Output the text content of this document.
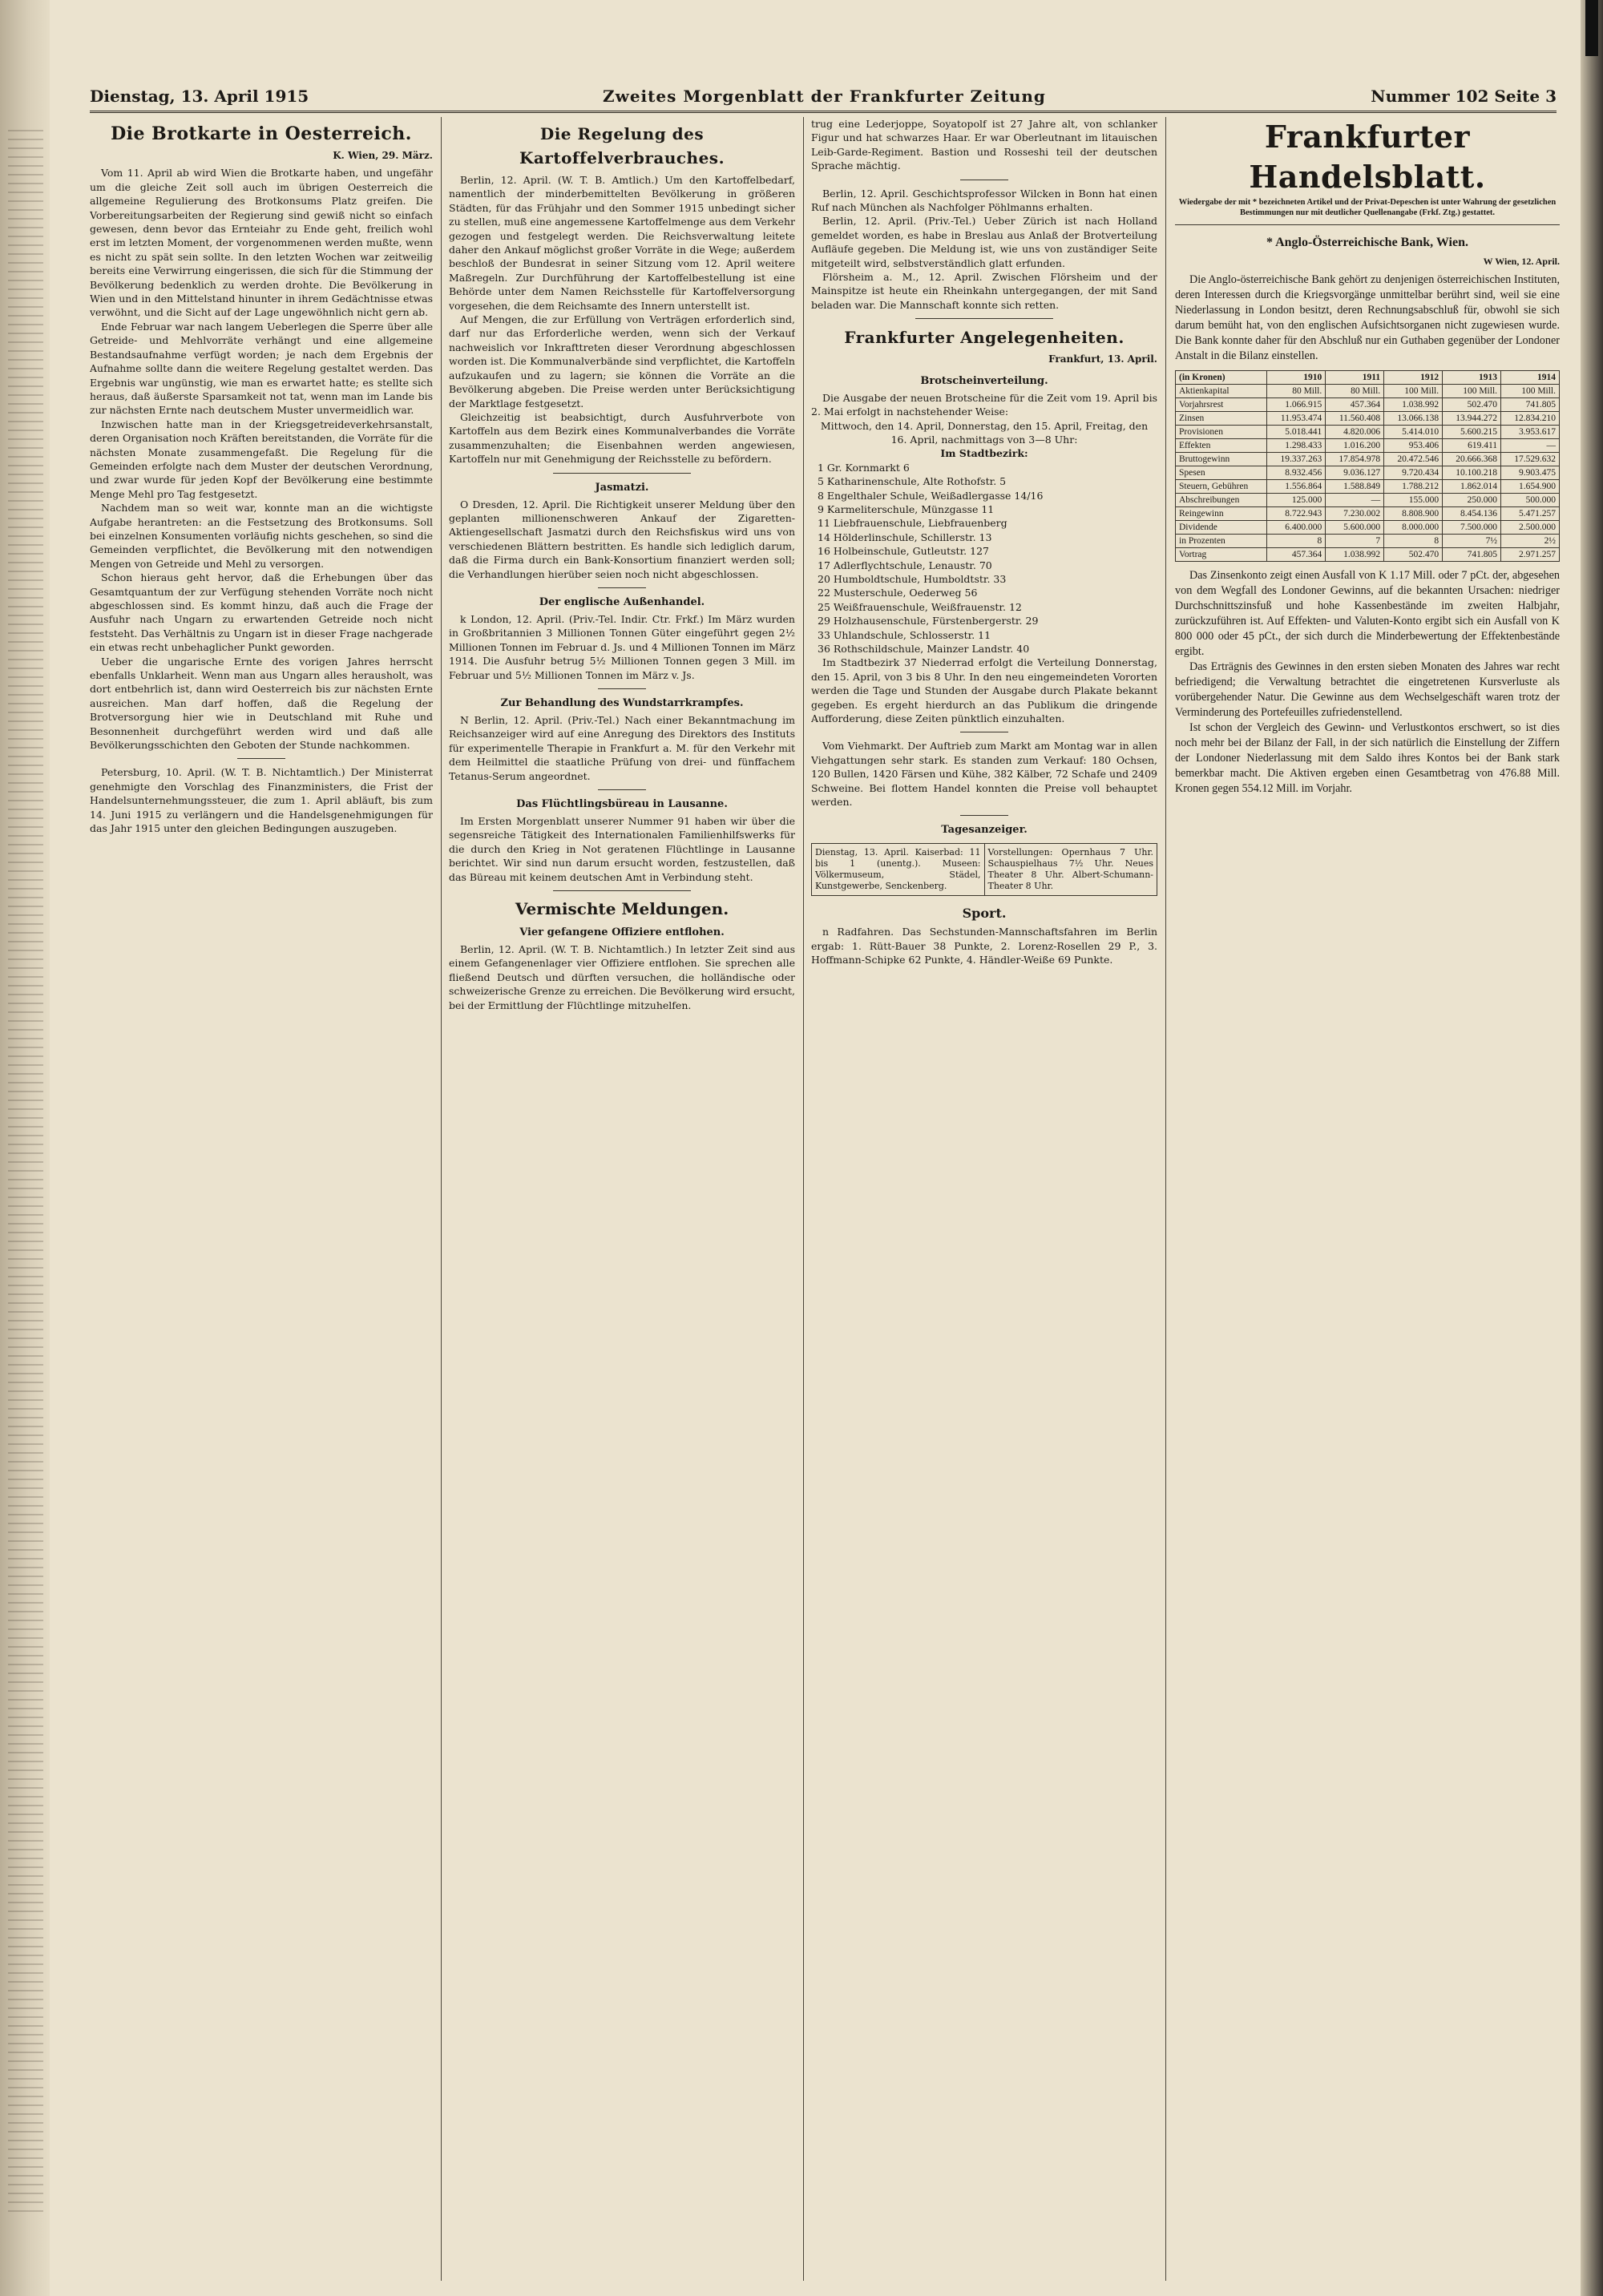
Dienstag, 13. April 1915	Zweites Morgenblatt der Frankfurter Zeitung	Nummer 102 Seite 3
Die Brotkarte in Oesterreich.
K. Wien, 29. März.

Vom 11. April ab wird Wien die Brotkarte haben, und ungefähr um die gleiche Zeit soll auch im übrigen Oesterreich die allgemeine Regulierung des Brotkonsums Platz greifen. Die Vorbereitungsarbeiten der Regierung sind gewiß nicht so einfach gewesen, denn bevor das Ernteiahr zu Ende geht, freilich wohl erst im letzten Moment, der vorgenommenen werden mußte, wenn es nicht zu spät sein sollte. In den letzten Wochen war zeitweilig bereits eine Verwirrung eingerissen, die sich für die Stimmung der Bevölkerung bedenklich zu werden drohte. Die Bevölkerung in Wien und in den Mittelstand hinunter in ihrem Gedächtnisse etwas verwöhnt, und die Sicht auf der Lage ungewöhnlich nicht gern ab.

Ende Februar war nach langem Ueberlegen die Sperre über alle Getreide- und Mehlvorräte verhängt und eine allgemeine Bestandsaufnahme verfügt worden; je nach dem Ergebnis der Aufnahme sollte dann die weitere Regelung gestaltet werden. Das Ergebnis war ungünstig, wie man es erwartet hatte; es stellte sich heraus, daß äußerste Sparsamkeit not tat, wenn man im Lande bis zur nächsten Ernte nach deutschem Muster unvermeidlich war.

Inzwischen hatte man in der Kriegsgetreideverkehrsanstalt, deren Organisation noch Kräften bereitstanden, die Vorräte für die nächsten Monate zusammengefaßt. Die Regelung für die Gemeinden erfolgte nach dem Muster der deutschen Verordnung, und zwar wurde für jeden Kopf der Bevölkerung eine bestimmte Menge Mehl pro Tag festgesetzt.

Nachdem man so weit war, konnte man an die wichtigste Aufgabe herantreten: an die Festsetzung des Brotkonsums. Soll bei einzelnen Konsumenten vorläufig nichts geschehen, so sind die Gemeinden verpflichtet, die Bevölkerung mit den notwendigen Mengen von Getreide und Mehl zu versorgen.

Schon hieraus geht hervor, daß die Erhebungen über das Gesamtquantum der zur Verfügung stehenden Vorräte noch nicht abgeschlossen sind. Es kommt hinzu, daß auch die Frage der Ausfuhr nach Ungarn zu erwartenden Getreide noch nicht feststeht. Das Verhältnis zu Ungarn ist in dieser Frage nachgerade ein etwas recht unbehaglicher Punkt geworden.

Ueber die ungarische Ernte des vorigen Jahres herrscht ebenfalls Unklarheit. Wenn man aus Ungarn alles herausholt, was dort entbehrlich ist, dann wird Oesterreich bis zur nächsten Ernte ausreichen. Man darf hoffen, daß die Regelung der Brotversorgung hier wie in Deutschland mit Ruhe und Besonnenheit durchgeführt werden wird und daß alle Bevölkerungsschichten den Geboten der Stunde nachkommen.

Petersburg, 10. April. (W. T. B. Nichtamtlich.) Der Ministerrat genehmigte den Vorschlag des Finanzministers, die Frist der Handelsunternehmungssteuer, die zum 1. April abläuft, bis zum 14. Juni 1915 zu verlängern und die Handelsgenehmigungen für das Jahr 1915 unter den gleichen Bedingungen auszugeben.

Die Regelung des Kartoffelverbrauches.

Berlin, 12. April. (W. T. B. Amtlich.) Um den Kartoffelbedarf, namentlich der minderbemittelten Bevölkerung in größeren Städten, für das Frühjahr und den Sommer 1915 unbedingt sicher zu stellen, muß eine angemessene Kartoffelmenge aus dem Verkehr gezogen und festgelegt werden. Die Reichsverwaltung leitete daher den Ankauf möglichst großer Vorräte in die Wege; außerdem beschloß der Bundesrat in seiner Sitzung vom 12. April weitere Maßregeln. Zur Durchführung der Kartoffelbestellung ist eine Behörde unter dem Namen Reichsstelle für Kartoffelversorgung vorgesehen, die dem Reichsamte des Innern unterstellt ist.

Auf Mengen, die zur Erfüllung von Verträgen erforderlich sind, darf nur das Erforderliche werden, wenn sich der Verkauf nachweislich vor Inkrafttreten dieser Verordnung abgeschlossen worden ist. Die Kommunalverbände sind verpflichtet, die Kartoffeln aufzukaufen und zu lagern; sie können die Vorräte an die Bevölkerung abgeben. Die Preise werden unter Berücksichtigung der Marktlage festgesetzt.

Gleichzeitig ist beabsichtigt, durch Ausfuhrverbote von Kartoffeln aus dem Bezirk eines Kommunalverbandes die Vorräte zusammenzuhalten; die Eisenbahnen werden angewiesen, Kartoffeln nur mit Genehmigung der Reichsstelle zu befördern.

Jasmatzi.

O Dresden, 12. April. Die Richtigkeit unserer Meldung über den geplanten millionenschweren Ankauf der Zigaretten-Aktiengesellschaft Jasmatzi durch den Reichsfiskus wird uns von verschiedenen Blättern bestritten. Es handle sich lediglich darum, daß die Firma durch ein Bank-Konsortium finanziert werden soll; die Verhandlungen hierüber seien noch nicht abgeschlossen.

Der englische Außenhandel.

k London, 12. April. (Priv.-Tel. Indir. Ctr. Frkf.) Im März wurden in Großbritannien 3 Millionen Tonnen Güter eingeführt gegen 2½ Millionen Tonnen im Februar d. Js. und 4 Millionen Tonnen im März 1914. Die Ausfuhr betrug 5½ Millionen Tonnen gegen 3 Mill. im Februar und 5½ Millionen Tonnen im März v. Js.

Zur Behandlung des Wundstarrkrampfes.

N Berlin, 12. April. (Priv.-Tel.) Nach einer Bekanntmachung im Reichsanzeiger wird auf eine Anregung des Direktors des Instituts für experimentelle Therapie in Frankfurt a. M. für den Verkehr mit dem Heilmittel die staatliche Prüfung von drei- und fünffachem Tetanus-Serum angeordnet.

Das Flüchtlingsbüreau in Lausanne.

Im Ersten Morgenblatt unserer Nummer 91 haben wir über die segensreiche Tätigkeit des Internationalen Familienhilfswerks für die durch den Krieg in Not geratenen Flüchtlinge in Lausanne berichtet. Wir sind nun darum ersucht worden, festzustellen, daß das Büreau mit keinem deutschen Amt in Verbindung steht.

Vermischte Meldungen.
Vier gefangene Offiziere entflohen.

Berlin, 12. April. (W. T. B. Nichtamtlich.) In letzter Zeit sind aus einem Gefangenenlager vier Offiziere entflohen. Sie sprechen alle fließend Deutsch und dürften versuchen, die holländische oder schweizerische Grenze zu erreichen. Die Bevölkerung wird ersucht, bei der Ermittlung der Flüchtlinge mitzuhelfen.

trug eine Lederjoppe, Soyatopolf ist 27 Jahre alt, von schlanker Figur und hat schwarzes Haar. Er war Oberleutnant im litauischen Leib-Garde-Regiment. Bastion und Rosseshi teil der deutschen Sprache mächtig.

Berlin, 12. April. Geschichtsprofessor Wilcken in Bonn hat einen Ruf nach München als Nachfolger Pöhlmanns erhalten.

Berlin, 12. April. (Priv.-Tel.) Ueber Zürich ist nach Holland gemeldet worden, es habe in Breslau aus Anlaß der Brotverteilung Aufläufe gegeben. Die Meldung ist, wie uns von zuständiger Seite mitgeteilt wird, selbstverständlich glatt erfunden.

Flörsheim a. M., 12. April. Zwischen Flörsheim und der Mainspitze ist heute ein Rheinkahn untergegangen, der mit Sand beladen war. Die Mannschaft konnte sich retten.

Frankfurter Angelegenheiten.
Frankfurt, 13. April.
Brotscheinverteilung.

Die Ausgabe der neuen Brotscheine für die Zeit vom 19. April bis 2. Mai erfolgt in nachstehender Weise:

Mittwoch, den 14. April, Donnerstag, den 15. April, Freitag, den 16. April, nachmittags von 3—8 Uhr:

Im Stadtbezirk:

1 Gr. Kornmarkt 6

5 Katharinenschule, Alte Rothofstr. 5

8 Engelthaler Schule, Weißadlergasse 14/16

9 Karmeliterschule, Münzgasse 11

11 Liebfrauenschule, Liebfrauenberg

14 Hölderlinschule, Schillerstr. 13

16 Holbeinschule, Gutleutstr. 127

17 Adlerflychtschule, Lenaustr. 70

20 Humboldtschule, Humboldtstr. 33

22 Musterschule, Oederweg 56

25 Weißfrauenschule, Weißfrauenstr. 12

29 Holzhausenschule, Fürstenbergerstr. 29

33 Uhlandschule, Schlosserstr. 11

36 Rothschildschule, Mainzer Landstr. 40

Im Stadtbezirk 37 Niederrad erfolgt die Verteilung Donnerstag, den 15. April, von 3 bis 8 Uhr. In den neu eingemeindeten Vororten werden die Tage und Stunden der Ausgabe durch Plakate bekannt gegeben. Es ergeht hierdurch an das Publikum die dringende Aufforderung, diese Zeiten pünktlich einzuhalten.

Vom Viehmarkt. Der Auftrieb zum Markt am Montag war in allen Viehgattungen sehr stark. Es standen zum Verkauf: 180 Ochsen, 120 Bullen, 1420 Färsen und Kühe, 382 Kälber, 72 Schafe und 2409 Schweine. Bei flottem Handel konnten die Preise voll behauptet werden.

Tagesanzeiger.
Dienstag, 13. April. Kaiserbad: 11 bis 1 (unentg.). Museen: Völkermuseum, Städel, Kunstgewerbe, Senckenberg.
Vorstellungen: Opernhaus 7 Uhr. Schauspielhaus 7½ Uhr. Neues Theater 8 Uhr. Albert-Schumann-Theater 8 Uhr.
Sport.

n Radfahren. Das Sechstunden-Mannschaftsfahren im Berlin ergab: 1. Rütt-Bauer 38 Punkte, 2. Lorenz-Rosellen 29 P., 3. Hoffmann-Schipke 62 Punkte, 4. Händler-Weiße 69 Punkte.

Frankfurter Handelsblatt.
Wiedergabe der mit * bezeichneten Artikel und der Privat-Depeschen ist unter Wahrung der gesetzlichen Bestimmungen nur mit deutlicher Quellenangabe (Frkf. Ztg.) gestattet.
* Anglo-Österreichische Bank, Wien.
W Wien, 12. April.

Die Anglo-österreichische Bank gehört zu denjenigen österreichischen Instituten, deren Interessen durch die Kriegsvorgänge unmittelbar berührt sind, weil sie eine Niederlassung in London besitzt, deren Rechnungsabschluß für, obwohl sie sich darum bemüht hat, von den englischen Aufsichtsorganen nicht zugewiesen wurde. Die Bank konnte daher für den Abschluß nur ein Guthaben gegenüber der Londoner Anstalt in die Bilanz einstellen.

(in Kronen)	1910	1911	1912	1913	1914
Aktienkapital	80 Mill.	80 Mill.	100 Mill.	100 Mill.	100 Mill.
Vorjahrsrest	1.066.915	457.364	1.038.992	502.470	741.805
Zinsen	11.953.474	11.560.408	13.066.138	13.944.272	12.834.210
Provisionen	5.018.441	4.820.006	5.414.010	5.600.215	3.953.617
Effekten	1.298.433	1.016.200	953.406	619.411	—
Bruttogewinn	19.337.263	17.854.978	20.472.546	20.666.368	17.529.632
Spesen	8.932.456	9.036.127	9.720.434	10.100.218	9.903.475
Steuern, Gebühren	1.556.864	1.588.849	1.788.212	1.862.014	1.654.900
Abschreibungen	125.000	—	155.000	250.000	500.000
Reingewinn	8.722.943	7.230.002	8.808.900	8.454.136	5.471.257
Dividende	6.400.000	5.600.000	8.000.000	7.500.000	2.500.000
in Prozenten	8	7	8	7½	2½
Vortrag	457.364	1.038.992	502.470	741.805	2.971.257

Das Zinsenkonto zeigt einen Ausfall von K 1.17 Mill. oder 7 pCt. der, abgesehen von dem Wegfall des Londoner Gewinns, auf die bekannten Ursachen: niedriger Durchschnittszinsfuß und hohe Kassenbestände im zweiten Halbjahr, zurückzuführen ist. Auf Effekten- und Valuten-Konto ergibt sich ein Ausfall von K 800 000 oder 45 pCt., der sich durch die Minderbewertung der Effektenbestände ergibt.

Das Erträgnis des Gewinnes in den ersten sieben Monaten des Jahres war recht befriedigend; die Verwaltung betrachtet die eingetretenen Kursverluste als vorübergehender Natur. Die Gewinne aus dem Wechselgeschäft waren trotz der Verminderung des Portefeuilles zufriedenstellend.

Ist schon der Vergleich des Gewinn- und Verlustkontos erschwert, so ist dies noch mehr bei der Bilanz der Fall, in der sich natürlich die Einstellung der Ziffern der Londoner Niederlassung mit dem Saldo ihres Kontos bei der Bank stark bemerkbar macht. Die Aktiven ergeben einen Gesamtbetrag von 476.88 Mill. Kronen gegen 554.12 Mill. im Vorjahr.
